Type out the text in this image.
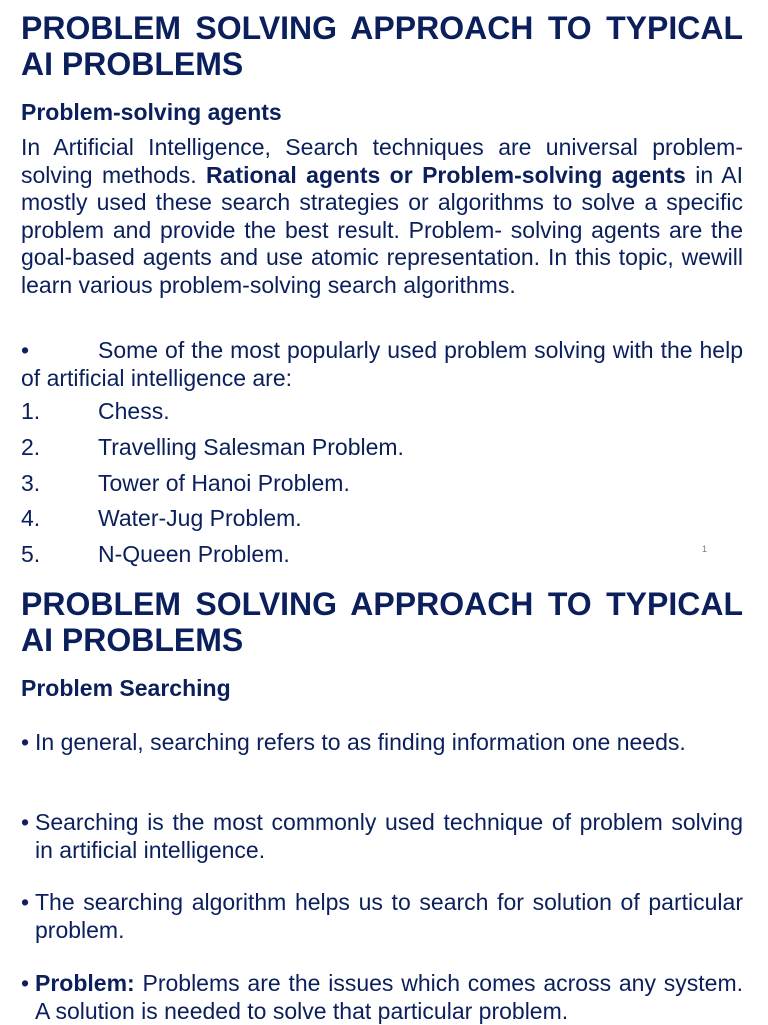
PROBLEM SOLVING APPROACH TO TYPICAL AI PROBLEMS
Problem-solving agents

In Artificial Intelligence, Search techniques are universal problem-solving methods. Rational agents or Problem-solving agents in AI mostly used these search strategies or algorithms to solve a specific problem and provide the best result. Problem- solving agents are the goal-based agents and use atomic representation. In this topic, wewill learn various problem-solving search algorithms.

•	Some of the most popularly used problem solving with the help of artificial intelligence are:

1.	Chess.
2.	Travelling Salesman Problem.
3.	Tower of Hanoi Problem.
4.	Water-Jug Problem.
5.	N-Queen Problem.	1
PROBLEM SOLVING APPROACH TO TYPICAL AI PROBLEMS
Problem Searching
• In general, searching refers to as finding information one needs.
• Searching is the most commonly used technique of problem solving in artificial intelligence.
• The searching algorithm helps us to search for solution of particular problem.
• Problem: Problems are the issues which comes across any system. A solution is needed to solve that particular problem.
